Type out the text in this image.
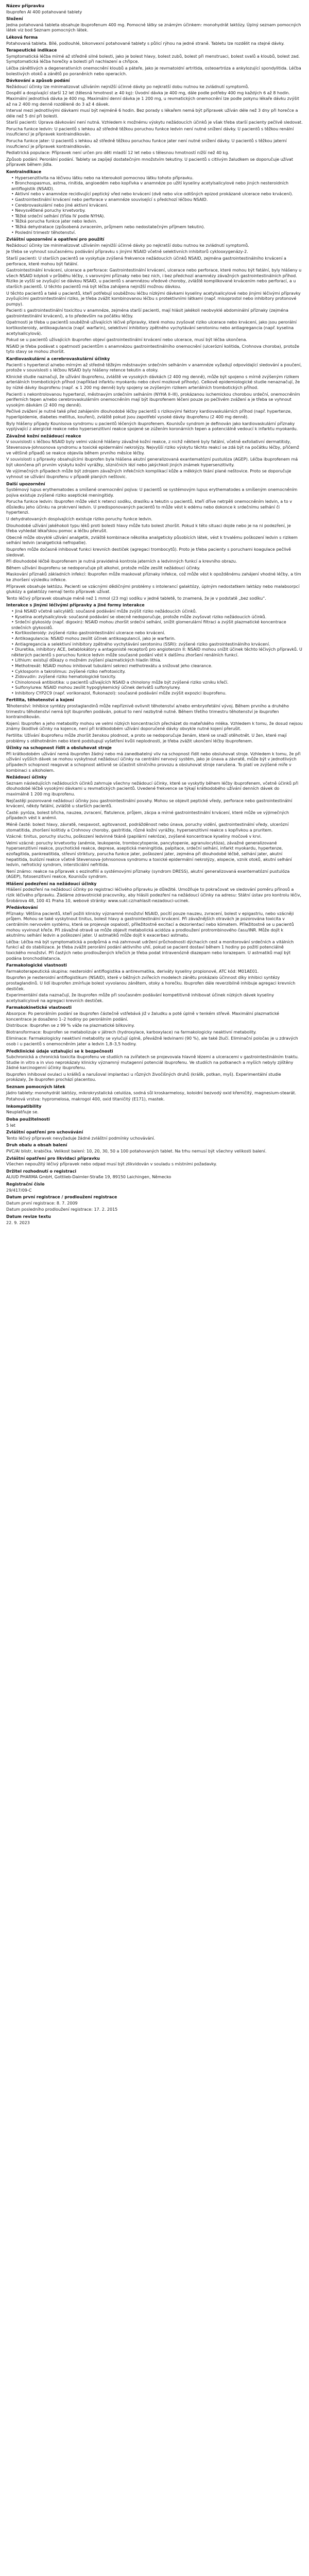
Název přípravku
Ibuprofen Al 400 potahované tablety
Složení
Jedna potahovaná tableta obsahuje ibuprofenum 400 mg. Pomocné látky se známým účinkem: monohydrát laktózy. Úplný seznam pomocných látek viz bod Seznam pomocných látek.
Léková forma
Potahovaná tableta. Bílé, podlouhlé, bikonvexní potahované tablety s půlicí rýhou na jedné straně. Tabletu lze rozdělit na stejné dávky.
Terapeutické indikace
Symptomatická léčba mírné až středně silné bolesti, jako je bolest hlavy, bolest zubů, bolest při menstruaci, bolest svalů a kloubů, bolest zad. Symptomatická léčba horečky a bolesti při nachlazení a chřipce.
Léčba zánětlivých a degenerativních onemocnění kloubů a páteře, jako je revmatoidní artritida, osteoartróza a ankylozující spondylitida. Léčba bolestivých otoků a zánětů po poraněních nebo operacích.
Dávkování a způsob podání
Nežádoucí účinky lze minimalizovat užíváním nejnižší účinné dávky po nejkratší dobu nutnou ke zvládnutí symptomů.
Dospělí a dospívající starší 12 let (tělesná hmotnost ≥ 40 kg): Úvodní dávka je 400 mg, dále podle potřeby 400 mg každých 6 až 8 hodin. Maximální jednotlivá dávka je 400 mg. Maximální denní dávka je 1 200 mg, u revmatických onemocnění lze podle pokynu lékaře dávku zvýšit až na 2 400 mg denně rozděleně do 3 až 4 dávek.
Interval mezi jednotlivými dávkami musí být nejméně 6 hodin. Bez porady s lékařem nemá být přípravek užíván déle než 3 dny při horečce a déle než 5 dní při bolesti.
Starší pacienti: Úprava dávkování není nutná. Vzhledem k možnému výskytu nežádoucích účinků je však třeba starší pacienty pečlivě sledovat.
Porucha funkce ledvin: U pacientů s lehkou až středně těžkou poruchou funkce ledvin není nutné snížení dávky. U pacientů s těžkou renální insuficiencí je přípravek kontraindikován.
Porucha funkce jater: U pacientů s lehkou až středně těžkou poruchou funkce jater není nutné snížení dávky. U pacientů s těžkou jaterní insuficiencí je přípravek kontraindikován.
Pediatrická populace: Přípravek není určen pro děti mladší 12 let nebo s tělesnou hmotností nižší než 40 kg.
Způsob podání: Perorální podání. Tablety se zapíjejí dostatečným množstvím tekutiny. U pacientů s citlivým žaludkem se doporučuje užívat přípravek během jídla.
Kontraindikace
• Hypersenzitivita na léčivou látku nebo na kteroukoli pomocnou látku tohoto přípravku.
• Bronchospasmus, astma, rinitida, angioedém nebo kopřivka v anamnéze po užití kyseliny acetylsalicylové nebo jiných nesteroidních antiflogistik (NSAID).
• Aktivní nebo v anamnéze recidivující peptický vřed nebo krvácení (dvě nebo více odlišných epizod prokázané ulcerace nebo krvácení).
• Gastrointestinální krvácení nebo perforace v anamnéze související s předchozí léčbou NSAID.
• Cerebrovaskulární nebo jiné aktivní krvácení.
• Nevysvětlené poruchy krvetvorby.
• Těžké srdeční selhání (třída IV podle NYHA).
• Těžká porucha funkce jater nebo ledvin.
• Těžká dehydratace (způsobená zvracením, průjmem nebo nedostatečným příjmem tekutin).
• Poslední trimestr těhotenství.
Zvláštní upozornění a opatření pro použití
Nežádoucí účinky lze minimalizovat užíváním nejnižší účinné dávky po nejkratší dobu nutnou ke zvládnutí symptomů.
Je třeba se vyhnout současnému podávání přípravku s jinými NSAID včetně selektivních inhibitorů cyklooxygenázy-2.
Starší pacienti: U starších pacientů se vyskytuje zvýšená frekvence nežádoucích účinků NSAID, zejména gastrointestinálního krvácení a perforace, které mohou být fatální.
Gastrointestinální krvácení, ulcerace a perforace: Gastrointestinální krvácení, ulcerace nebo perforace, které mohou být fatální, byly hlášeny u všech NSAID kdykoli v průběhu léčby, s varovnými příznaky nebo bez nich, i bez předchozí anamnézy závažných gastrointestinálních příhod. Riziko je vyšší se zvyšující se dávkou NSAID, u pacientů s anamnézou vředové choroby, zvláště komplikované krvácením nebo perforací, a u starších pacientů. U těchto pacientů má být léčba zahájena nejnižší možnou dávkou.
U těchto pacientů a také u pacientů, kteří potřebují souběžnou léčbu nízkými dávkami kyseliny acetylsalicylové nebo jinými léčivými přípravky zvyšujícími gastrointestinální riziko, je třeba zvážit kombinovanou léčbu s protektivními látkami (např. misoprostol nebo inhibitory protonové pumpy).
Pacienti s gastrointestinální toxicitou v anamnéze, zejména starší pacienti, mají hlásit jakékoli neobvyklé abdominální příznaky (zejména gastrointestinální krvácení), a to především na počátku léčby.
Opatrnosti je třeba u pacientů souběžně užívajících léčivé přípravky, které mohou zvyšovat riziko ulcerace nebo krvácení, jako jsou perorální kortikosteroidy, antikoagulancia (např. warfarin), selektivní inhibitory zpětného vychytávání serotoninu nebo antiagregancia (např. kyselina acetylsalicylová).
Pokud se u pacientů užívajících ibuprofen objeví gastrointestinální krvácení nebo ulcerace, musí být léčba ukončena.
NSAID je třeba podávat s opatrností pacientům s anamnézou gastrointestinálního onemocnění (ulcerózní kolitida, Crohnova choroba), protože tyto stavy se mohou zhoršit.
Kardiovaskulární a cerebrovaskulární účinky
Pacienti s hypertenzí a/nebo mírným až středně těžkým městnavým srdečním selháním v anamnéze vyžadují odpovídající sledování a poučení, protože v souvislosti s léčbou NSAID byly hlášeny retence tekutin a otoky.
Klinické studie naznačují, že užívání ibuprofenu, zvláště ve vysokých dávkách (2 400 mg denně), může být spojeno s mírně zvýšeným rizikem arteriálních trombotických příhod (například infarktu myokardu nebo cévní mozkové příhody). Celkově epidemiologické studie nenaznačují, že by nízké dávky ibuprofenu (např. ≤ 1 200 mg denně) byly spojeny se zvýšeným rizikem arteriálních trombotických příhod.
Pacienti s nekontrolovanou hypertenzí, městnavým srdečním selháním (NYHA II–III), prokázanou ischemickou chorobou srdeční, onemocněním periferních tepen a/nebo cerebrovaskulárním onemocněním mají být ibuprofenem léčeni pouze po pečlivém zvážení a je třeba se vyhnout vysokým dávkám (2 400 mg denně).
Pečlivé zvážení je nutné také před zahájením dlouhodobé léčby pacientů s rizikovými faktory kardiovaskulárních příhod (např. hypertenze, hyperlipidemie, diabetes mellitus, kouření), zvláště pokud jsou zapotřebí vysoké dávky ibuprofenu (2 400 mg denně).
Byly hlášeny případy Kounisova syndromu u pacientů léčených ibuprofenem. Kounisův syndrom je definován jako kardiovaskulární příznaky vyplývající z alergické reakce nebo hypersenzitivní reakce spojené se zúžením koronárních tepen a potenciálně vedoucí k infarktu myokardu.
Závažné kožní nežádoucí reakce
V souvislosti s léčbou NSAID byly velmi vzácně hlášeny závažné kožní reakce, z nichž některé byly fatální, včetně exfoliativní dermatitidy, Stevensova-Johnsonova syndromu a toxické epidermální nekrolýzy. Nejvyšší riziko výskytu těchto reakcí se zdá být na počátku léčby, přičemž ve většině případů se reakce objevila během prvního měsíce léčby.
V souvislosti s přípravky obsahujícími ibuprofen byla hlášena akutní generalizovaná exantematózní pustulóza (AGEP). Léčba ibuprofenem má být ukončena při prvním výskytu kožní vyrážky, slizničních lézí nebo jakýchkoli jiných známek hypersenzitivity.
Ve výjimečných případech může být zdrojem závažných infekčních komplikací kůže a měkkých tkání plané neštovice. Proto se doporučuje vyhnout se užívání ibuprofenu v případě planých neštovic.
Další upozornění
Systémový lupus erythematodes a smíšené onemocnění pojiva: U pacientů se systémovým lupus erythematodes a smíšeným onemocněním pojiva existuje zvýšené riziko aseptické meningitidy.
Porucha funkce ledvin: Ibuprofen může vést k retenci sodíku, draslíku a tekutin u pacientů, kteří dříve netrpěli onemocněním ledvin, a to v důsledku jeho účinku na prokrvení ledvin. U predisponovaných pacientů to může vést k edému nebo dokonce k srdečnímu selhání či hypertenzi.
U dehydratovaných dospívajících existuje riziko poruchy funkce ledvin.
Dlouhodobé užívání jakéhokoli typu léků proti bolesti hlavy může tuto bolest zhoršit. Pokud k této situaci dojde nebo je na ni podezření, je třeba vyhledat lékařskou pomoc a léčbu přerušit.
Obecně může obvyklé užívání analgetik, zvláště kombinace několika analgeticky působících látek, vést k trvalému poškození ledvin s rizikem selhání ledvin (analgetická nefropatie).
Ibuprofen může dočasně inhibovat funkci krevních destiček (agregaci trombocytů). Proto je třeba pacienty s poruchami koagulace pečlivě sledovat.
Při dlouhodobé léčbě ibuprofenem je nutná pravidelná kontrola jaterních a ledvinných funkcí a krevního obrazu.
Během užívání ibuprofenu se nedoporučuje pít alkohol, protože může zesílit nežádoucí účinky.
Maskování příznaků základních infekcí: Ibuprofen může maskovat příznaky infekce, což může vést k opožděnému zahájení vhodné léčby, a tím ke zhoršení výsledku infekce.
Přípravek obsahuje laktózu. Pacienti se vzácnými dědičnými problémy s intolerancí galaktózy, úplným nedostatkem laktázy nebo malabsorpcí glukózy a galaktózy nemají tento přípravek užívat.
Tento léčivý přípravek obsahuje méně než 1 mmol (23 mg) sodíku v jedné tabletě, to znamená, že je v podstatě „bez sodíku“.
Interakce s jinými léčivými přípravky a jiné formy interakce
• Jiná NSAID včetně salicylátů: současné podávání může zvýšit riziko nežádoucích účinků.
• Kyselina acetylsalicylová: současné podávání se obecně nedoporučuje, protože může zvyšovat riziko nežádoucích účinků.
• Srdeční glykosidy (např. digoxin): NSAID mohou zhoršit srdeční selhání, snížit glomerulární filtraci a zvýšit plazmatické koncentrace srdečních glykosidů.
• Kortikosteroidy: zvýšené riziko gastrointestinální ulcerace nebo krvácení.
• Antikoagulancia: NSAID mohou zesílit účinek antikoagulancií, jako je warfarin.
• Antiagregancia a selektivní inhibitory zpětného vychytávání serotoninu (SSRI): zvýšené riziko gastrointestinálního krvácení.
• Diuretika, inhibitory ACE, betablokátory a antagonisté receptorů pro angiotenzin II: NSAID mohou snížit účinek těchto léčivých přípravků. U některých pacientů s poruchou funkce ledvin může současné podání vést k dalšímu zhoršení renálních funkcí.
• Lithium: existují důkazy o možném zvýšení plazmatických hladin lithia.
• Methotrexát: NSAID mohou inhibovat tubulární sekreci methotrexátu a snižovat jeho clearance.
• Cyklosporin a takrolimus: zvýšené riziko nefrotoxicity.
• Zidovudin: zvýšené riziko hematologické toxicity.
• Chinolonová antibiotika: u pacientů užívajících NSAID a chinolony může být zvýšené riziko vzniku křečí.
• Sulfonylurea: NSAID mohou zesílit hypoglykemický účinek derivátů sulfonylurey.
• Inhibitory CYP2C9 (např. vorikonazol, flukonazol): současné podávání může zvýšit expozici ibuprofenu.
Fertilita, těhotenství a kojení
Těhotenství: Inhibice syntézy prostaglandinů může nepříznivě ovlivnit těhotenství a/nebo embryofetální vývoj. Během prvního a druhého trimestru těhotenství nemá být ibuprofen podáván, pokud to není nezbytně nutné. Během třetího trimestru těhotenství je ibuprofen kontraindikován.
Kojení: Ibuprofen a jeho metabolity mohou ve velmi nízkých koncentracích přecházet do mateřského mléka. Vzhledem k tomu, že dosud nejsou známy škodlivé účinky na kojence, není při krátkodobém užívání doporučené dávky obvykle nutné kojení přerušit.
Fertilita: Užívání ibuprofenu může zhoršit ženskou plodnost, a proto se nedoporučuje ženám, které se snaží otěhotnět. U žen, které mají problémy s otěhotněním nebo které podstupují vyšetření kvůli neplodnosti, je třeba zvážit ukončení léčby ibuprofenem.
Účinky na schopnost řídit a obsluhovat stroje
Při krátkodobém užívání nemá ibuprofen žádný nebo má zanedbatelný vliv na schopnost řídit nebo obsluhovat stroje. Vzhledem k tomu, že při užívání vyšších dávek se mohou vyskytnout nežádoucí účinky na centrální nervový systém, jako je únava a závratě, může být v jednotlivých případech schopnost reagovat a schopnost aktivně se účastnit silničního provozu a obsluhovat stroje narušena. To platí ve zvýšené míře v kombinaci s alkoholem.
Nežádoucí účinky
Seznam následujících nežádoucích účinků zahrnuje všechny nežádoucí účinky, které se vyskytly během léčby ibuprofenem, včetně účinků při dlouhodobé léčbě vysokými dávkami u revmatických pacientů. Uvedené frekvence se týkají krátkodobého užívání denních dávek do maximálně 1 200 mg ibuprofenu.
Nejčastěji pozorované nežádoucí účinky jsou gastrointestinální povahy. Mohou se objevit peptické vředy, perforace nebo gastrointestinální krvácení, někdy fatální, zvláště u starších pacientů.
Časté: pyróza, bolest břicha, nauzea, zvracení, flatulence, průjem, zácpa a mírné gastrointestinální krvácení, které může ve výjimečných případech vést k anémii.
Méně časté: bolest hlavy, závratě, nespavost, agitovanost, podrážděnost nebo únava, poruchy vidění, gastrointestinální vředy, ulcerózní stomatitida, zhoršení kolitidy a Crohnovy choroby, gastritida, různé kožní vyrážky, hypersenzitivní reakce s kopřivkou a pruritem.
Vzácné: tinitus, poruchy sluchu, poškození ledvinné tkáně (papilární nekróza), zvýšené koncentrace kyseliny močové v krvi.
Velmi vzácné: poruchy krvetvorby (anémie, leukopenie, trombocytopenie, pancytopenie, agranulocytóza), závažné generalizované hypersenzitivní reakce, psychotické reakce, deprese, aseptická meningitida, palpitace, srdeční selhání, infarkt myokardu, hypertenze, ezofagitida, pankreatitida, střevní striktury, porucha funkce jater, poškození jater, zejména při dlouhodobé léčbě, selhání jater, akutní hepatitida, bulózní reakce včetně Stevensova-Johnsonova syndromu a toxické epidermální nekrolýzy, alopecie, vznik otoků, akutní selhání ledvin, nefrotický syndrom, intersticiální nefritida.
Není známo: reakce na přípravek s eozinofilií a systémovými příznaky (syndrom DRESS), akutní generalizovaná exantematózní pustulóza (AGEP), fotosenzitivní reakce, Kounisův syndrom.
Hlášení podezření na nežádoucí účinky
Hlášení podezření na nežádoucí účinky po registraci léčivého přípravku je důležité. Umožňuje to pokračovat ve sledování poměru přínosů a rizik léčivého přípravku. Žádáme zdravotnické pracovníky, aby hlásili podezření na nežádoucí účinky na adresu: Státní ústav pro kontrolu léčiv, Šrobárova 48, 100 41 Praha 10, webové stránky: www.sukl.cz/nahlasit-nezadouci-ucinek.
Předávkování
Příznaky: Většina pacientů, kteří požili klinicky významné množství NSAID, pocítí pouze nauzeu, zvracení, bolest v epigastriu, nebo vzácněji průjem. Mohou se také vyskytnout tinitus, bolest hlavy a gastrointestinální krvácení. Při závažnějších otravách je pozorována toxicita v centrálním nervovém systému, která se projevuje ospalostí, příležitostně excitací a dezorientací nebo kómatem. Příležitostně se u pacientů mohou vyvinout křeče. Při závažné otravě se může objevit metabolická acidóza a prodloužení protrombinového času/INR. Může dojít k akutnímu selhání ledvin a poškození jater. U astmatiků může dojít k exacerbaci astmatu.
Léčba: Léčba má být symptomatická a podpůrná a má zahrnovat udržení průchodnosti dýchacích cest a monitorování srdečních a vitálních funkcí až do stabilizace. Je třeba zvážit perorální podání aktivního uhlí, pokud se pacient dostaví během 1 hodiny po požití potenciálně toxického množství. Při častých nebo prodloužených křečích je třeba podat intravenózně diazepam nebo lorazepam. U astmatiků mají být podána bronchodilatancia.
Farmakologické vlastnosti
Farmakoterapeutická skupina: nesteroidní antiflogistika a antirevmatika, deriváty kyseliny propionové, ATC kód: M01AE01.
Ibuprofen je nesteroidní antiflogistikum (NSAID), které v běžných zvířecích modelech zánětu prokázalo účinnost díky inhibici syntézy prostaglandinů. U lidí ibuprofen zmírňuje bolest vyvolanou zánětem, otoky a horečku. Ibuprofen dále reverzibilně inhibuje agregaci krevních destiček.
Experimentální data naznačují, že ibuprofen může při současném podávání kompetitivně inhibovat účinek nízkých dávek kyseliny acetylsalicylové na agregaci krevních destiček.
Farmakokinetické vlastnosti
Absorpce: Po perorálním podání se ibuprofen částečně vstřebává již v žaludku a poté úplně v tenkém střevě. Maximální plazmatické koncentrace je dosaženo 1–2 hodiny po perorálním podání.
Distribuce: Ibuprofen se z 99 % váže na plazmatické bílkoviny.
Biotransformace: Ibuprofen se metabolizuje v játrech (hydroxylace, karboxylace) na farmakologicky neaktivní metabolity.
Eliminace: Farmakologicky neaktivní metabolity se vylučují úplně, převážně ledvinami (90 %), ale také žlučí. Eliminační poločas je u zdravých osob i u pacientů s onemocněním jater a ledvin 1,8–3,5 hodiny.
Předklinické údaje vztahující se k bezpečnosti
Subchronická a chronická toxicita ibuprofenu ve studiích na zvířatech se projevovala hlavně lézemi a ulceracemi v gastrointestinálním traktu. Studie in vitro a in vivo neprokázaly klinicky významný mutagenní potenciál ibuprofenu. Ve studiích na potkanech a myších nebyly zjištěny žádné karcinogenní účinky ibuprofenu.
Ibuprofen inhiboval ovulaci u králíků a narušoval implantaci u různých živočišných druhů (králík, potkan, myš). Experimentální studie prokázaly, že ibuprofen prochází placentou.
Seznam pomocných látek
Jádro tablety: monohydrát laktózy, mikrokrystalická celulóza, sodná sůl kroskarmelosy, koloidní bezvodý oxid křemičitý, magnesium-stearát.
Potahová vrstva: hypromelosa, makrogol 400, oxid titaničitý (E171), mastek.
Inkompatibility
Neuplatňuje se.
Doba použitelnosti
5 let
Zvláštní opatření pro uchovávání
Tento léčivý přípravek nevyžaduje žádné zvláštní podmínky uchovávání.
Druh obalu a obsah balení
PVC/Al blistr, krabička. Velikost balení: 10, 20, 30, 50 a 100 potahovaných tablet. Na trhu nemusí být všechny velikosti balení.
Zvláštní opatření pro likvidaci přípravku
Všechen nepoužitý léčivý přípravek nebo odpad musí být zlikvidován v souladu s místními požadavky.
Držitel rozhodnutí o registraci
ALIUD PHARMA GmbH, Gottlieb-Daimler-Straße 19, 89150 Laichingen, Německo
Registrační číslo
29/417/09-C
Datum první registrace / prodloužení registrace
Datum první registrace: 8. 7. 2009
Datum posledního prodloužení registrace: 17. 2. 2015
Datum revize textu
22. 9. 2023
